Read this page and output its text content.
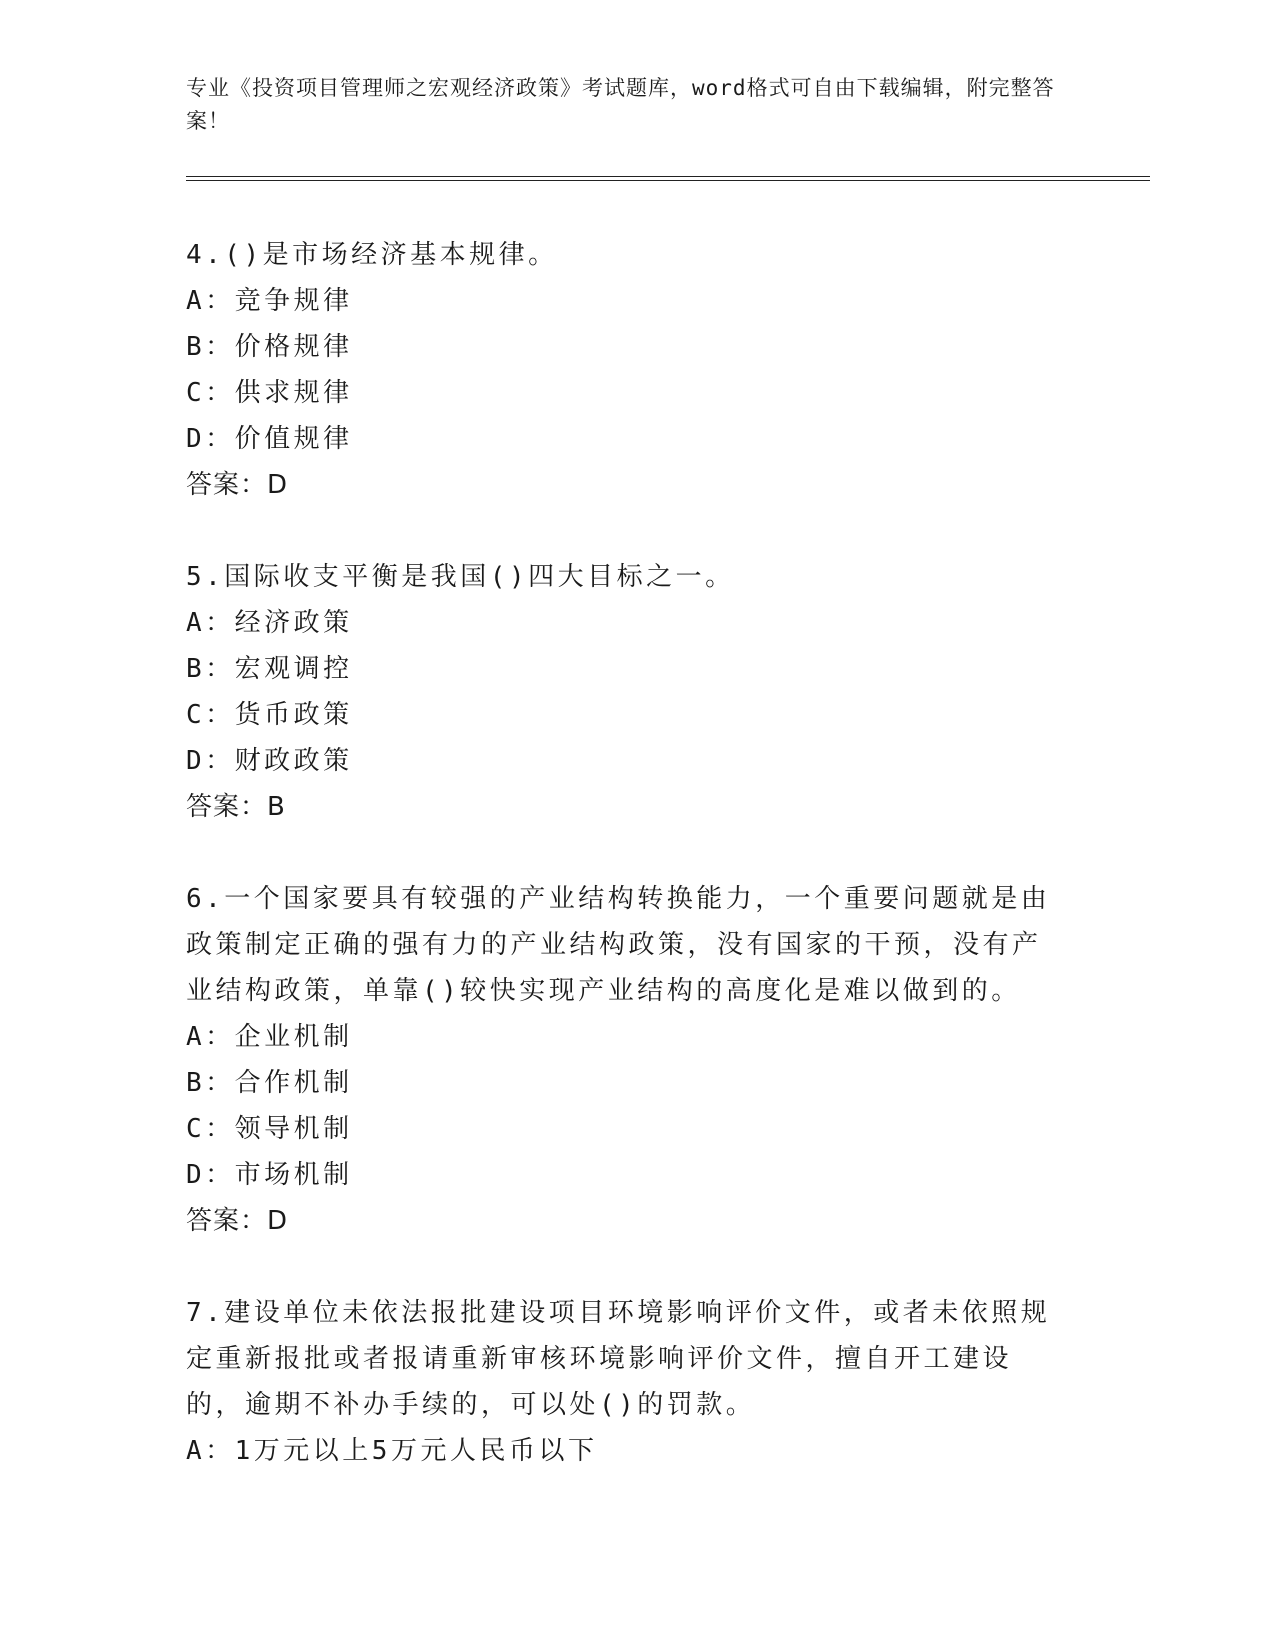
专业《投资项目管理师之宏观经济政策》考试题库，word格式可自由下载编辑，附完整答案！

4.()是市场经济基本规律。

A：竞争规律

B：价格规律

C：供求规律

D：价值规律

答案：D

5.国际收支平衡是我国()四大目标之一。

A：经济政策

B：宏观调控

C：货币政策

D：财政政策

答案：B

6.一个国家要具有较强的产业结构转换能力，一个重要问题就是由政策制定正确的强有力的产业结构政策，没有国家的干预，没有产业结构政策，单靠()较快实现产业结构的高度化是难以做到的。

A：企业机制

B：合作机制

C：领导机制

D：市场机制

答案：D

7.建设单位未依法报批建设项目环境影响评价文件，或者未依照规定重新报批或者报请重新审核环境影响评价文件，擅自开工建设的，逾期不补办手续的，可以处()的罚款。

A：1万元以上5万元人民币以下
